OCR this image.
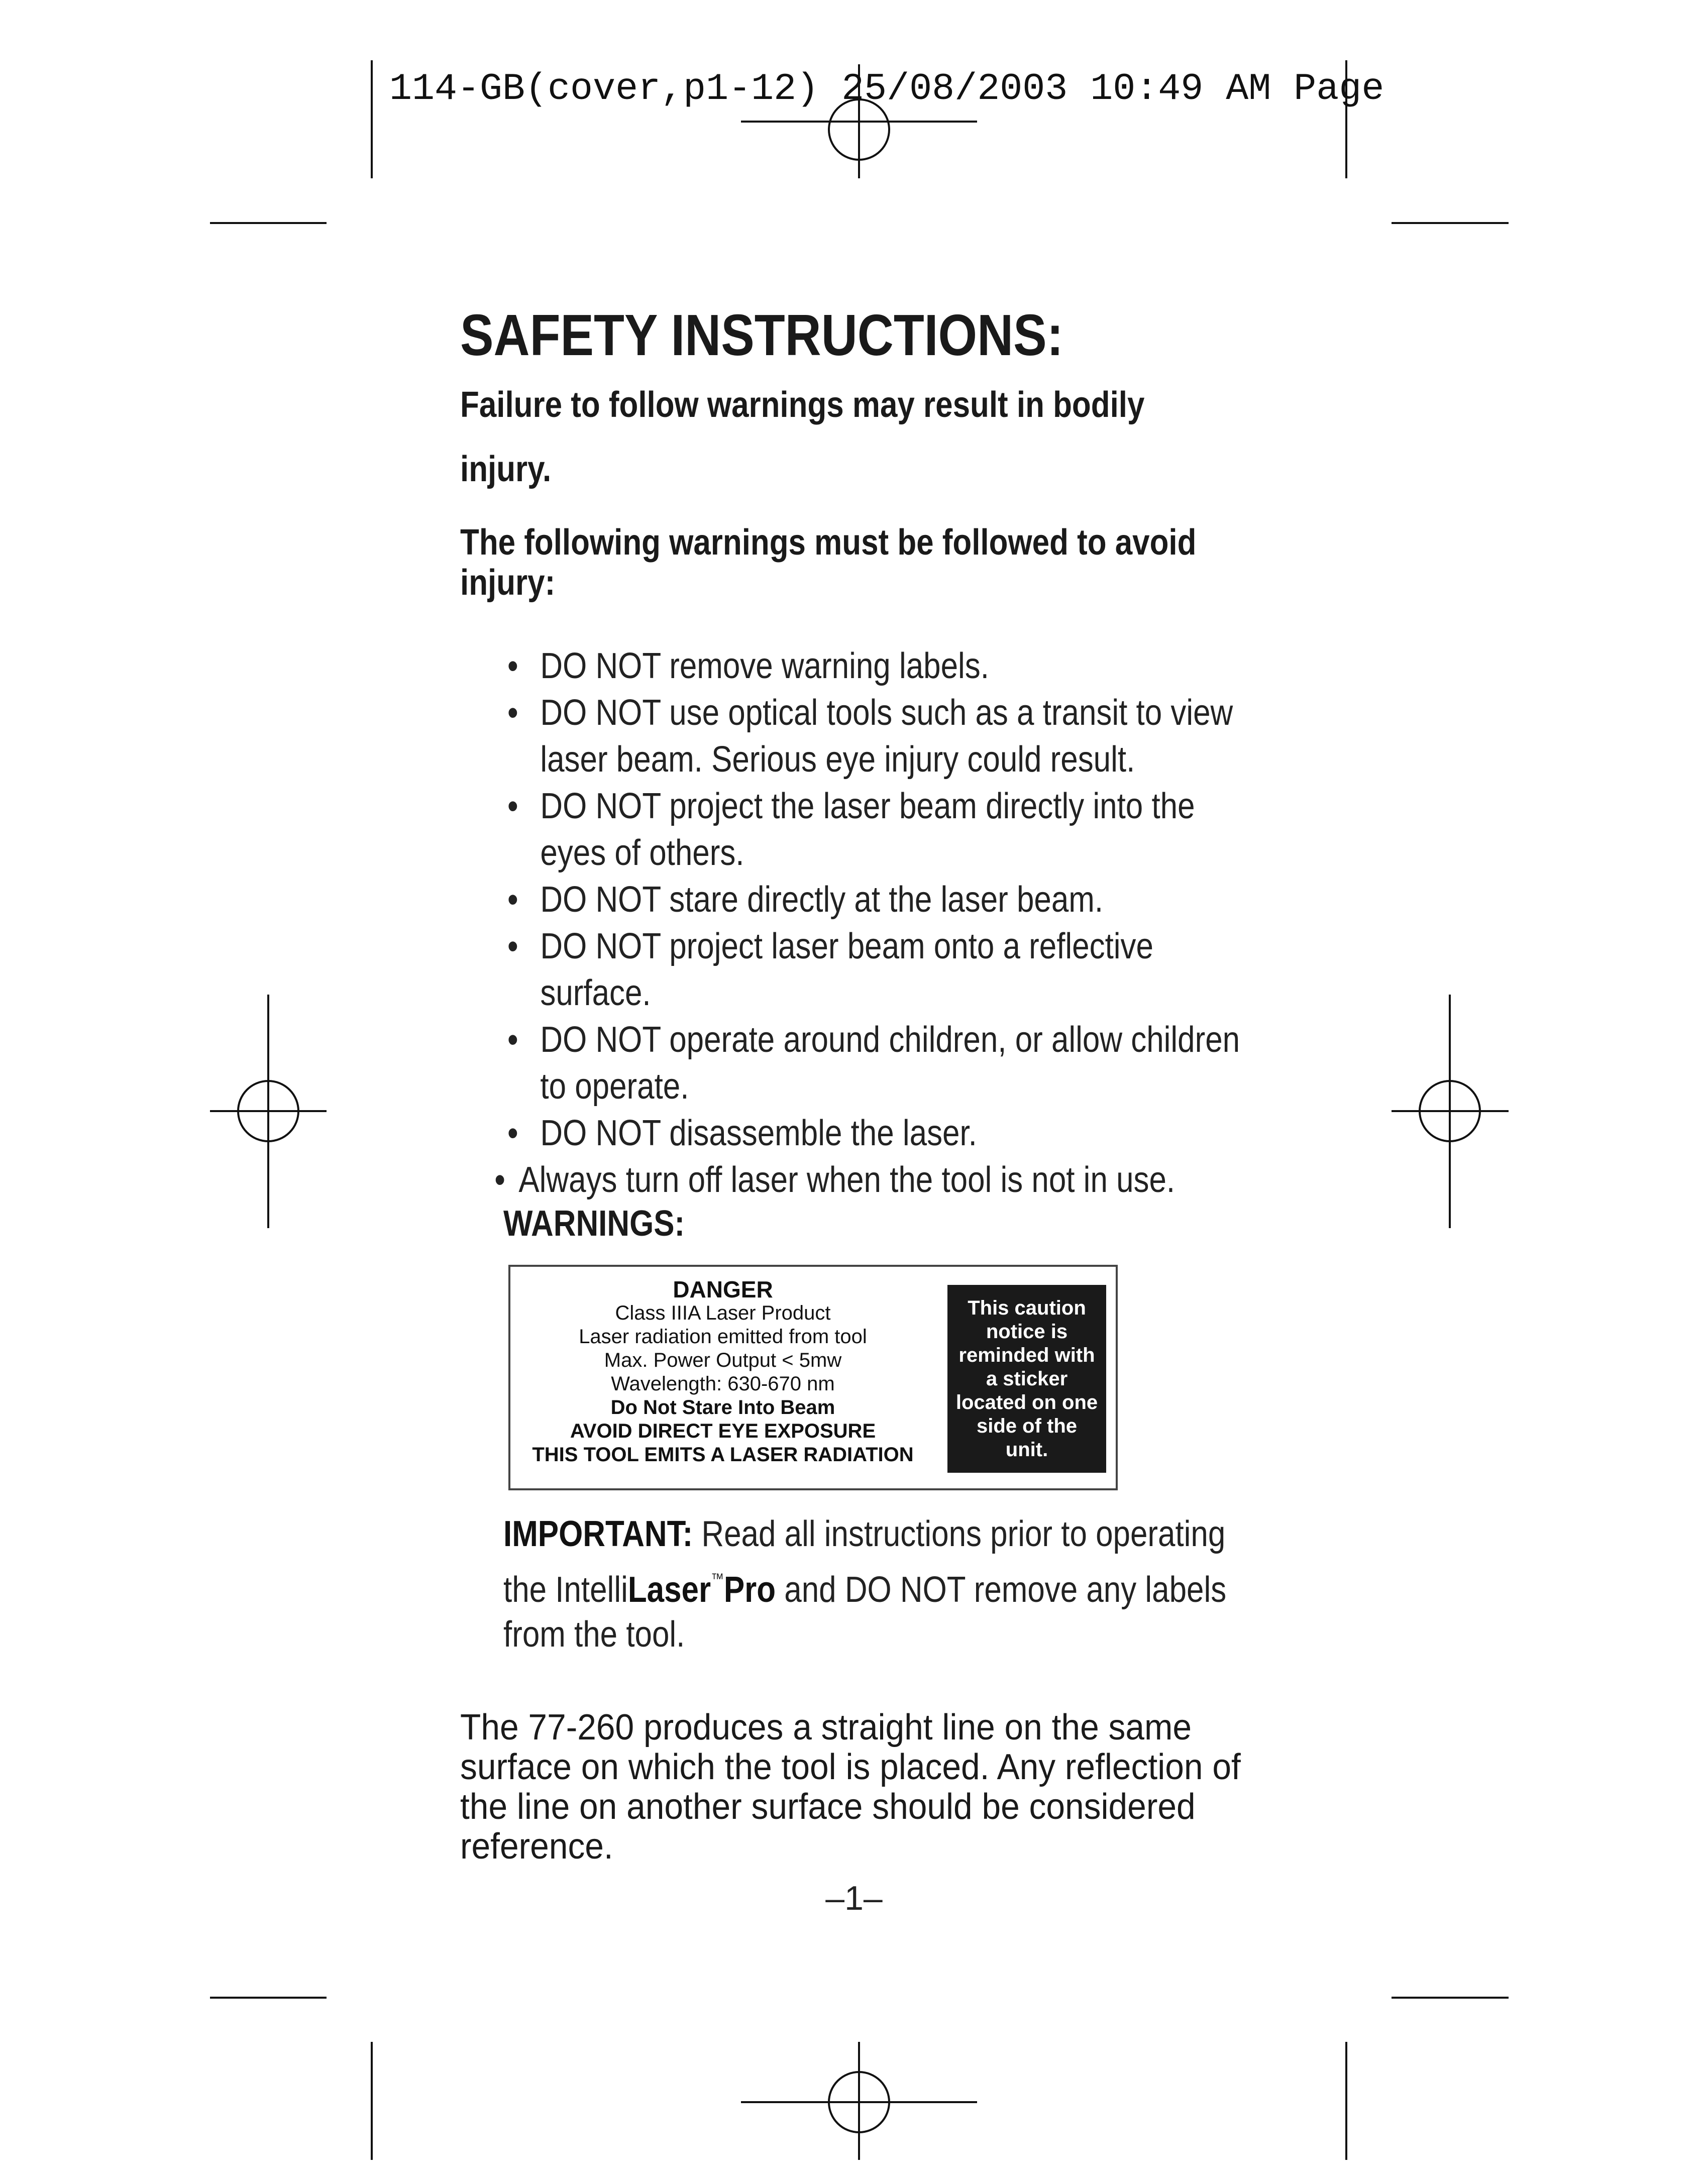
114-GB(cover,p1-12) 25/08/2003 10:49 AM Page
SAFETY INSTRUCTIONS:
Failure to follow warnings may result in bodily injury.
The following warnings must be followed to avoid injury:
• DO NOT remove warning labels.
• DO NOT use optical tools such as a transit to view laser beam. Serious eye injury could result.
• DO NOT project the laser beam directly into the eyes of others.
• DO NOT stare directly at the laser beam.
• DO NOT project laser beam onto a reflective surface.
• DO NOT operate around children, or allow children to operate.
• DO NOT disassemble the laser.
• Always turn off laser when the tool is not in use.
WARNINGS:
DANGER
Class IIIA Laser Product
Laser radiation emitted from tool
Max. Power Output < 5mw
Wavelength: 630-670 nm
Do Not Stare Into Beam
AVOID DIRECT EYE EXPOSURE
THIS TOOL EMITS A LASER RADIATION
This caution notice is reminded with a sticker located on one side of the unit.
IMPORTANT: Read all instructions prior to operating the IntelliLaser™Pro and DO NOT remove any labels from the tool.
The 77-260 produces a straight line on the same surface on which the tool is placed. Any reflection of the line on another surface should be considered reference.
–1–
